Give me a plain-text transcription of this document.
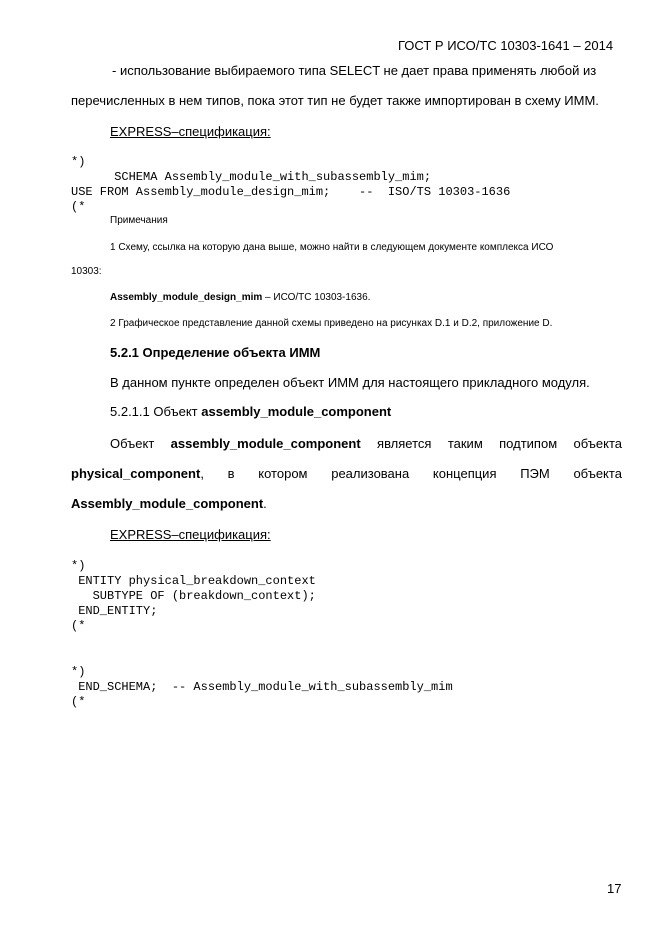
ГОСТ Р ИСО/ТС 10303-1641 – 2014
- использование выбираемого типа SELECT не дает права применять любой из
перечисленных в нем типов, пока этот тип не будет также импортирован в схему ИММ.
EXPRESS–спецификация:
*)
SCHEMA Assembly_module_with_subassembly_mim;
USE FROM Assembly_module_design_mim;    --  ISO/TS 10303-1636
(*
Примечания
1 Схему, ссылка на которую дана выше, можно найти в следующем документе комплекса ИСО
10303:
Assembly_module_design_mim – ИСО/ТС 10303-1636.
2 Графическое представление данной схемы приведено на рисунках D.1 и D.2, приложение D.
5.2.1 Определение объекта ИММ
В данном пункте определен объект ИММ для настоящего прикладного модуля.
5.2.1.1 Объект assembly_module_component
Объект assembly_module_component является таким подтипом объекта
physical_component, в котором реализована концепция ПЭМ объекта
Assembly_module_component.
EXPRESS–спецификация:
*)
ENTITY physical_breakdown_context
SUBTYPE OF (breakdown_context);
END_ENTITY;
(*
*)
END_SCHEMA;  -- Assembly_module_with_subassembly_mim
(*
17
